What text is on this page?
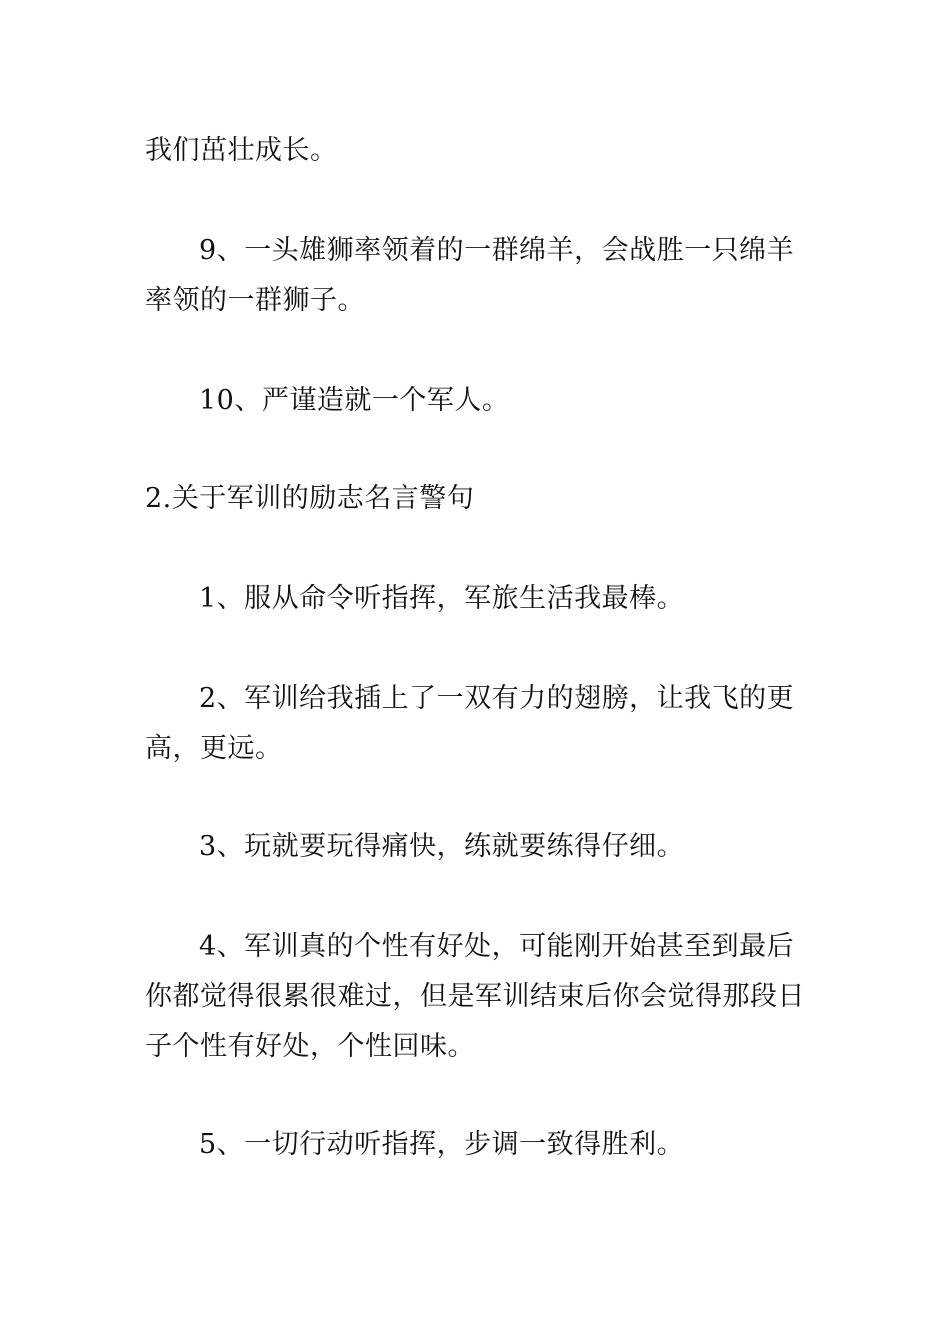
我们茁壮成长。

9、一头雄狮率领着的一群绵羊，会战胜一只绵羊率领的一群狮子。

10、严谨造就一个军人。

2.关于军训的励志名言警句

1、服从命令听指挥，军旅生活我最棒。

2、军训给我插上了一双有力的翅膀，让我飞的更高，更远。

3、玩就要玩得痛快，练就要练得仔细。

4、军训真的个性有好处，可能刚开始甚至到最后你都觉得很累很难过，但是军训结束后你会觉得那段日子个性有好处，个性回味。

5、一切行动听指挥，步调一致得胜利。
